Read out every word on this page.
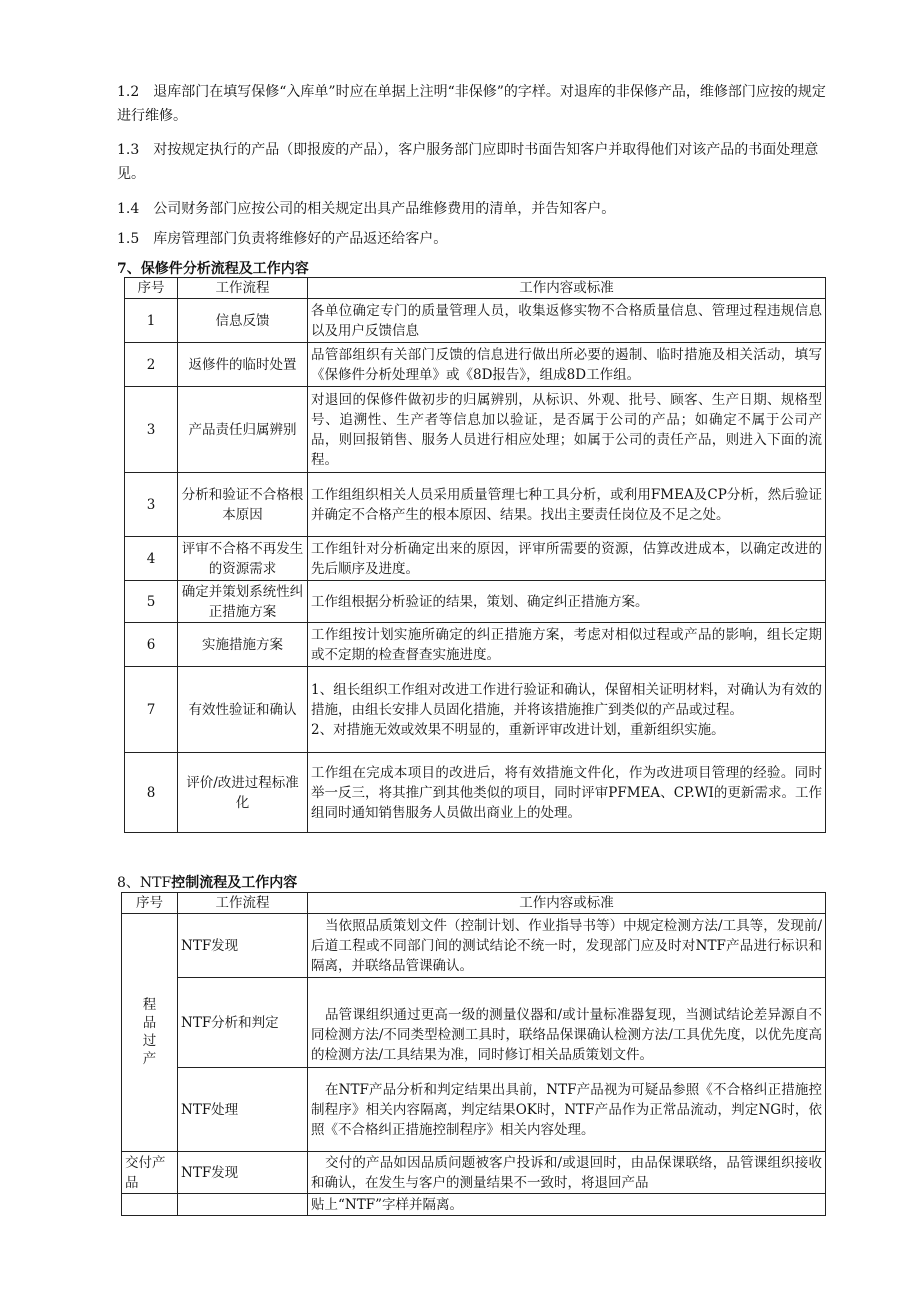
1.2　退库部门在填写保修“入库单”时应在单据上注明“非保修”的字样。对退库的非保修产品，维修部门应按的规定进行维修。

1.3　对按规定执行的产品（即报废的产品），客户服务部门应即时书面告知客户并取得他们对该产品的书面处理意见。

1.4　公司财务部门应按公司的相关规定出具产品维修费用的清单，并告知客户。

1.5　库房管理部门负责将维修好的产品返还给客户。

7、保修件分析流程及工作内容

序号	工作流程	工作内容或标准
1	信息反馈	各单位确定专门的质量管理人员，收集返修实物不合格质量信息、管理过程违规信息以及用户反馈信息
2	返修件的临时处置	品管部组织有关部门反馈的信息进行做出所必要的遏制、临时措施及相关活动，填写《保修件分析处理单》或《8D报告》，组成8D工作组。
3	产品责任归属辨别	对退回的保修件做初步的归属辨别，从标识、外观、批号、顾客、生产日期、规格型号、追溯性、生产者等信息加以验证，是否属于公司的产品；如确定不属于公司产品，则回报销售、服务人员进行相应处理；如属于公司的责任产品，则进入下面的流程。
3	分析和验证不合格根本原因	工作组组织相关人员采用质量管理七种工具分析，或利用FMEA及CP分析，然后验证并确定不合格产生的根本原因、结果。找出主要责任岗位及不足之处。
4	评审不合格不再发生的资源需求	工作组针对分析确定出来的原因，评审所需要的资源，估算改进成本，以确定改进的先后顺序及进度。
5	确定并策划系统性纠正措施方案	工作组根据分析验证的结果，策划、确定纠正措施方案。
6	实施措施方案	工作组按计划实施所确定的纠正措施方案，考虑对相似过程或产品的影响，组长定期或不定期的检查督查实施进度。
7	有效性验证和确认	1、组长组织工作组对改进工作进行验证和确认，保留相关证明材料，对确认为有效的措施，由组长安排人员固化措施，并将该措施推广到类似的产品或过程。
2、对措施无效或效果不明显的，重新评审改进计划，重新组织实施。

8	评价/改进过程标准化	工作组在完成本项目的改进后，将有效措施文件化，作为改进项目管理的经验。同时举一反三，将其推广到其他类似的项目，同时评审PFMEA、CP.WI的更新需求。工作组同时通知销售服务人员做出商业上的处理。

8、NTF控制流程及工作内容

序号	工作流程	工作内容或标准
程品过产	NTF发现	当依照品质策划文件（控制计划、作业指导书等）中规定检测方法/工具等，发现前/后道工程或不同部门间的测试结论不统一时，发现部门应及时对NTF产品进行标识和隔离，并联络品管课确认。
	NTF分析和判定	品管课组织通过更高一级的测量仪器和/或计量标准器复现，当测试结论差异源自不同检测方法/不同类型检测工具时，联络品保课确认检测方法/工具优先度，以优先度高的检测方法/工具结果为准，同时修订相关品质策划文件。
	NTF处理	在NTF产品分析和判定结果出具前，NTF产品视为可疑品参照《不合格纠正措施控制程序》相关内容隔离，判定结果OK时，NTF产品作为正常品流动，判定NG时，依照《不合格纠正措施控制程序》相关内容处理。
交付产品	NTF发现	交付的产品如因品质问题被客户投诉和/或退回时，由品保课联络，品管课组织接收和确认，在发生与客户的测量结果不一致时，将退回产品
		贴上“NTF”字样并隔离。
